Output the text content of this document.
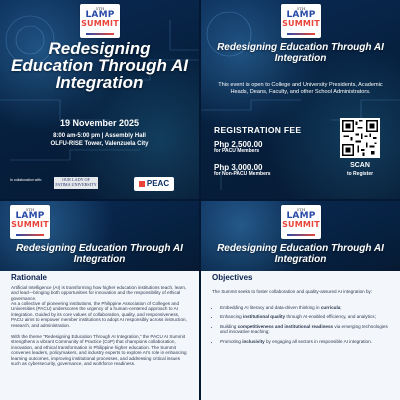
5TH
LAMP
SUMMIT
Redesigning Education Through AI Integration
19 November 2025
8:00 am-5:00 pm | Assembly Hall
OLFU-RISE Tower, Valenzuela City
In collaboration with:	OUR LADY OF FATIMA UNIVERSITY	PEAC
5TH
LAMP
SUMMIT
Redesigning Education Through AI Integration
This event is open to College and University Presidents, Academic Heads, Deans, Faculty, and other School Administrators.
REGISTRATION FEE
Php 2,500.00
for PACU Members
Php 3,000.00
for Non-PACU Members
SCAN
to Register
5TH
LAMP
SUMMIT
Redesigning Education Through AI Integration
Rationale
Artificial Intelligence (AI) is transforming how higher education institutions teach, learn, and lead—bringing both opportunities for innovation and the responsibility of ethical governance.
As a collective of pioneering institutions, the Philippine Association of Colleges and Universities (PACU) underscores the urgency of a human-centered approach to AI integration. Guided by its core values of collaboration, quality, and responsiveness, PACU aims to empower member institutions to adopt AI responsibly across instruction, research, and administration.
With the theme “Redesigning Education Through AI Integration,” the PACU AI Summit strengthens a vibrant Community of Practice (CoP) that champions collaboration, innovation, and ethical transformation in Philippine higher education. The Summit convenes leaders, policymakers, and industry experts to explore AI’s role in enhancing learning outcomes, improving institutional processes, and addressing critical issues such as cybersecurity, governance, and workforce readiness.
5TH
LAMP
SUMMIT
Redesigning Education Through AI Integration
Objectives
The Summit seeks to foster collaboration and quality-assured AI integration by:
• Embedding AI literacy and data-driven thinking in curricula;
• Enhancing institutional quality through AI-enabled efficiency, and analytics;
• Building competitiveness and institutional readiness via emerging technologies and innovative teaching;
• Promoting inclusivity by engaging all sectors in responsible AI integration.
